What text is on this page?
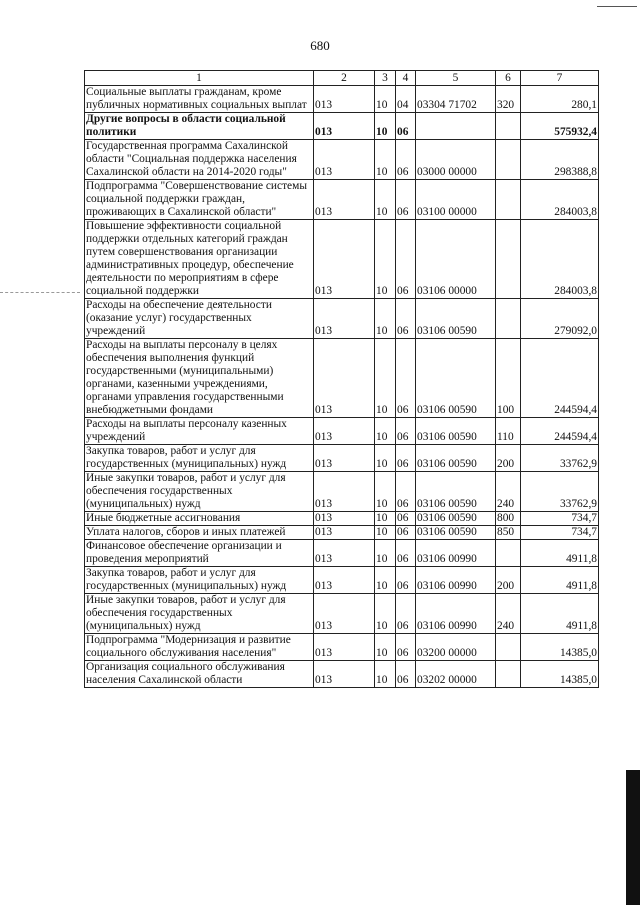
680
1	2	3	4	5	6	7
Социальные выплаты гражданам, кроме публичных нормативных социальных выплат	013	10	04	03304 71702	320	280,1
Другие вопросы в области социальной политики	013	10	06			575932,4
Государственная программа Сахалинской области "Социальная поддержка населения Сахалинской области на 2014-2020 годы"	013	10	06	03000 00000		298388,8
Подпрограмма "Совершенствование системы социальной поддержки граждан, проживающих в Сахалинской области"	013	10	06	03100 00000		284003,8
Повышение эффективности социальной поддержки отдельных категорий граждан путем совершенствования организации административных процедур, обеспечение деятельности по мероприятиям в сфере социальной поддержки	013	10	06	03106 00000		284003,8
Расходы на обеспечение деятельности (оказание услуг) государственных учреждений	013	10	06	03106 00590		279092,0
Расходы на выплаты персоналу в целях обеспечения выполнения функций государственными (муниципальными) органами, казенными учреждениями, органами управления государственными внебюджетными фондами	013	10	06	03106 00590	100	244594,4
Расходы на выплаты персоналу казенных учреждений	013	10	06	03106 00590	110	244594,4
Закупка товаров, работ и услуг для государственных (муниципальных) нужд	013	10	06	03106 00590	200	33762,9
Иные закупки товаров, работ и услуг для обеспечения государственных (муниципальных) нужд	013	10	06	03106 00590	240	33762,9
Иные бюджетные ассигнования	013	10	06	03106 00590	800	734,7
Уплата налогов, сборов и иных платежей	013	10	06	03106 00590	850	734,7
Финансовое обеспечение организации и проведения мероприятий	013	10	06	03106 00990		4911,8
Закупка товаров, работ и услуг для государственных (муниципальных) нужд	013	10	06	03106 00990	200	4911,8
Иные закупки товаров, работ и услуг для обеспечения государственных (муниципальных) нужд	013	10	06	03106 00990	240	4911,8
Подпрограмма "Модернизация и развитие социального обслуживания населения"	013	10	06	03200 00000		14385,0
Организация социального обслуживания населения Сахалинской области	013	10	06	03202 00000		14385,0
